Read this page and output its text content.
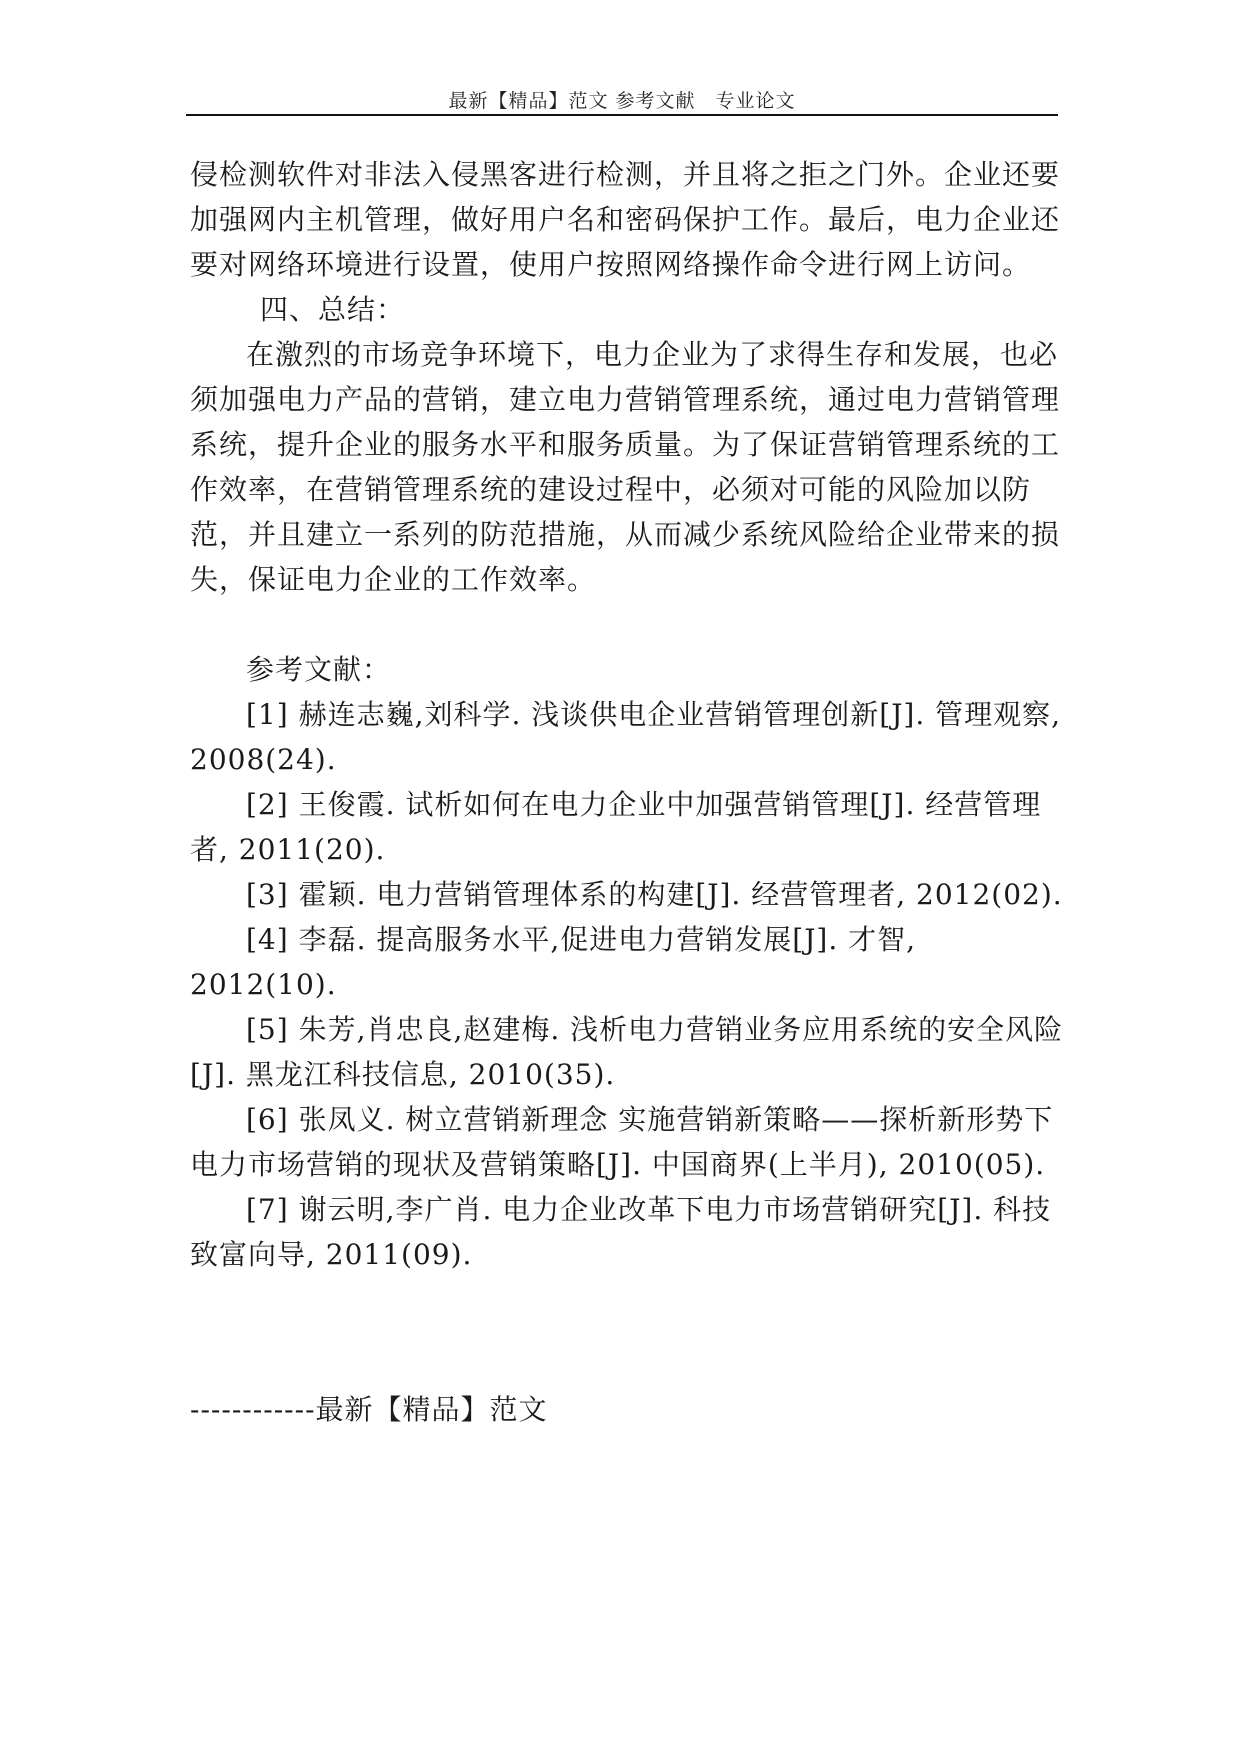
最新【精品】范文 参考文献　专业论文

侵检测软件对非法入侵黑客进行检测，并且将之拒之门外。企业还要加强网内主机管理，做好用户名和密码保护工作。最后，电力企业还要对网络环境进行设置，使用户按照网络操作命令进行网上访问。

四、总结：

在激烈的市场竞争环境下，电力企业为了求得生存和发展，也必须加强电力产品的营销，建立电力营销管理系统，通过电力营销管理系统，提升企业的服务水平和服务质量。为了保证营销管理系统的工作效率，在营销管理系统的建设过程中，必须对可能的风险加以防范，并且建立一系列的防范措施，从而减少系统风险给企业带来的损失，保证电力企业的工作效率。

参考文献：

[1] 赫连志巍,刘科学. 浅谈供电企业营销管理创新[J]. 管理观察, 2008(24).

[2] 王俊霞. 试析如何在电力企业中加强营销管理[J]. 经营管理者, 2011(20).

[3] 霍颖. 电力营销管理体系的构建[J]. 经营管理者, 2012(02).

[4] 李磊. 提高服务水平,促进电力营销发展[J]. 才智, 2012(10).

[5] 朱芳,肖忠良,赵建梅. 浅析电力营销业务应用系统的安全风险[J]. 黑龙江科技信息, 2010(35).

[6] 张凤义. 树立营销新理念 实施营销新策略——探析新形势下电力市场营销的现状及营销策略[J]. 中国商界(上半月), 2010(05).

[7] 谢云明,李广肖. 电力企业改革下电力市场营销研究[J]. 科技致富向导, 2011(09).

------------最新【精品】范文
